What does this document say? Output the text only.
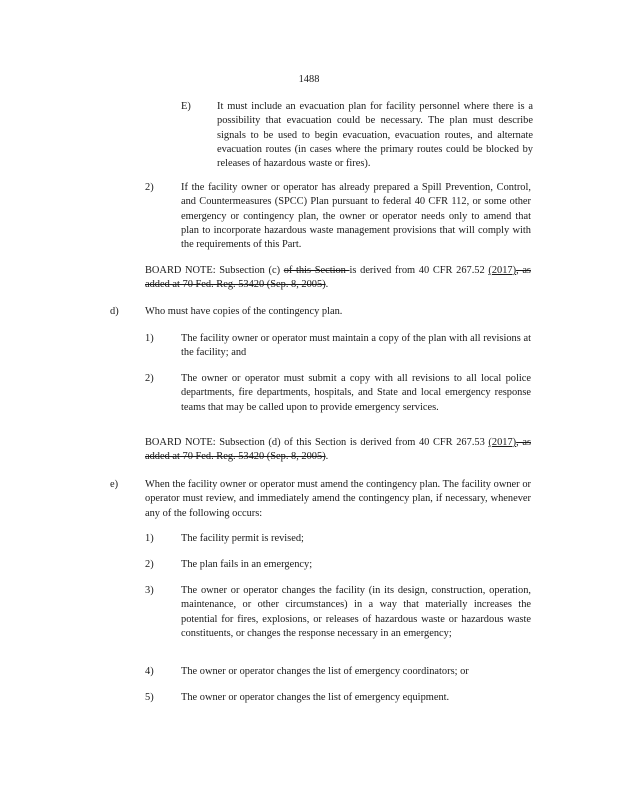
1488
E)	It must include an evacuation plan for facility personnel where there is a possibility that evacuation could be necessary. The plan must describe signals to be used to begin evacuation, evacuation routes, and alternate evacuation routes (in cases where the primary routes could be blocked by releases of hazardous waste or fires).
2)	If the facility owner or operator has already prepared a Spill Prevention, Control, and Countermeasures (SPCC) Plan pursuant to federal 40 CFR 112, or some other emergency or contingency plan, the owner or operator needs only to amend that plan to incorporate hazardous waste management provisions that will comply with the requirements of this Part.
BOARD NOTE: Subsection (c) of this Section is derived from 40 CFR 267.52 (2017), as added at 70 Fed. Reg. 53420 (Sep. 8, 2005).
d)	Who must have copies of the contingency plan.
1)	The facility owner or operator must maintain a copy of the plan with all revisions at the facility; and
2)	The owner or operator must submit a copy with all revisions to all local police departments, fire departments, hospitals, and State and local emergency response teams that may be called upon to provide emergency services.
BOARD NOTE: Subsection (d) of this Section is derived from 40 CFR 267.53 (2017), as added at 70 Fed. Reg. 53420 (Sep. 8, 2005).
e)	When the facility owner or operator must amend the contingency plan. The facility owner or operator must review, and immediately amend the contingency plan, if necessary, whenever any of the following occurs:
1)	The facility permit is revised;
2)	The plan fails in an emergency;
3)	The owner or operator changes the facility (in its design, construction, operation, maintenance, or other circumstances) in a way that materially increases the potential for fires, explosions, or releases of hazardous waste or hazardous waste constituents, or changes the response necessary in an emergency;
4)	The owner or operator changes the list of emergency coordinators; or
5)	The owner or operator changes the list of emergency equipment.
